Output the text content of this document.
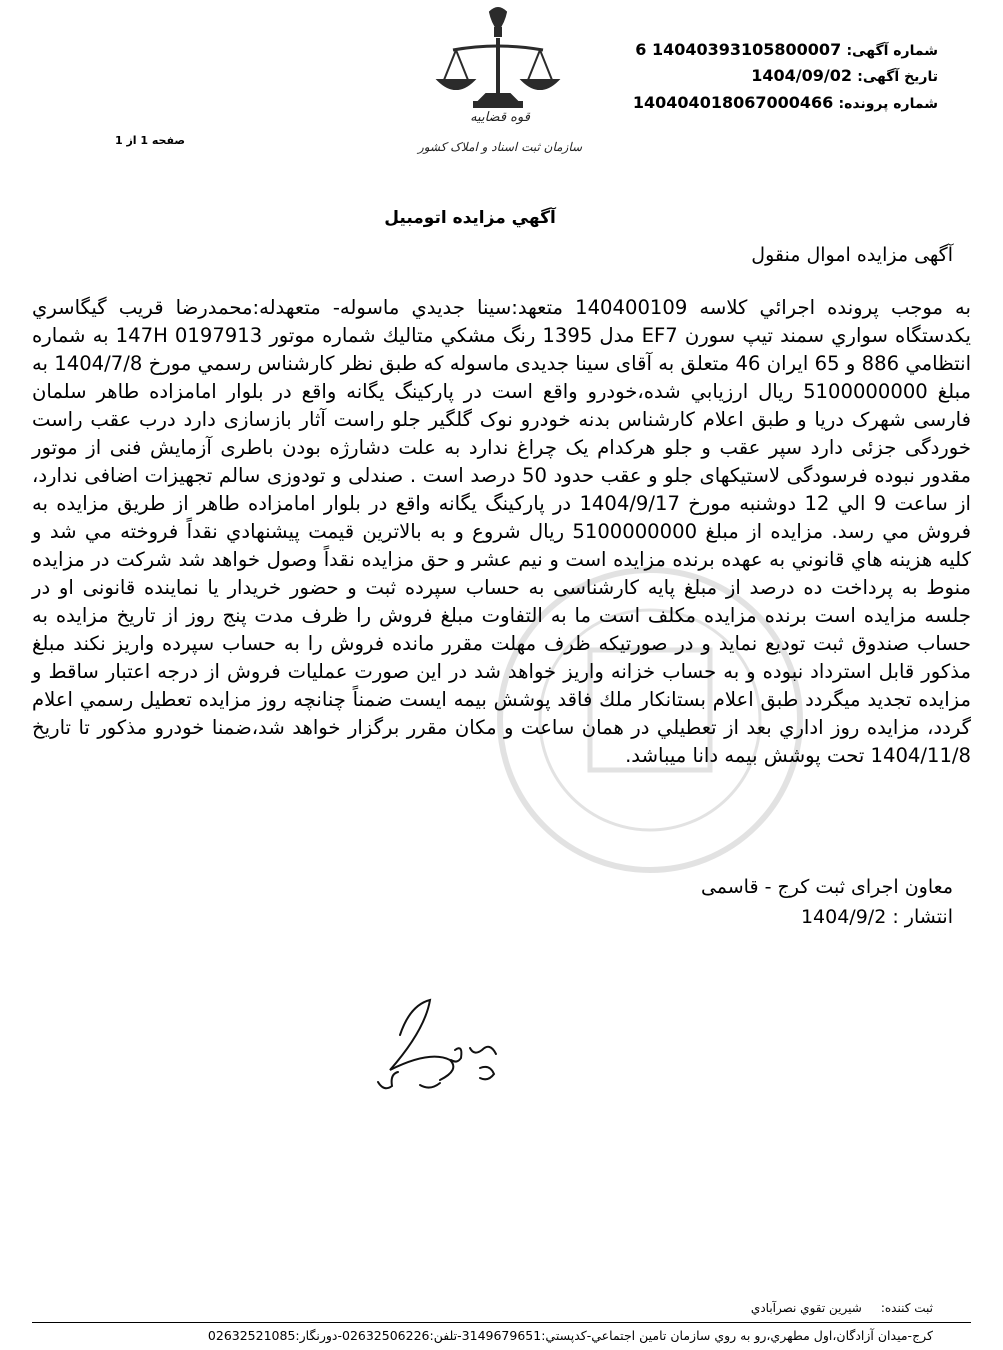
قوه قضاییه
سازمان ثبت اسناد و املاک کشور
شماره آگهی: 14040393105800007 6
تاریخ آگهی: 1404/09/02
شماره پرونده: 140404018067000466
صفحه 1 از 1
آگهي مزايده اتومبيل
آگهی مزایده اموال منقول
به موجب پرونده اجرائي كلاسه 140400109 متعهد:سينا جديدي ماسوله- متعهدله:محمدرضا قريب گيگاسري يكدستگاه سواري سمند تيپ سورن EF7 مدل 1395 رنگ مشكي متاليك شماره موتور 147H 0197913 به شماره انتظامي 886 و 65 ایران 46 متعلق به آقای سینا جدیدی ماسوله که طبق نظر کارشناس رسمي مورخ 1404/7/8 به مبلغ 5100000000 ريال ارزيابي شده،خودرو واقع است در پارکینگ یگانه واقع در بلوار امامزاده طاهر سلمان فارسی شهرک دریا و طبق اعلام کارشناس بدنه خودرو نوک گلگیر جلو راست آثار بازسازی دارد درب عقب راست خوردگی جزئی دارد سپر عقب و جلو هرکدام یک چراغ ندارد به علت دشارژه بودن باطری آزمایش فنی از موتور مقدور نبوده فرسودگی لاستیکهای جلو و عقب حدود 50 درصد است . صندلی و تودوزی سالم تجهیزات اضافی ندارد، از ساعت 9 الي 12 دوشنبه مورخ 1404/9/17 در پارکینگ یگانه واقع در بلوار امامزاده طاهر از طريق مزايده به فروش مي رسد. مزايده از مبلغ 5100000000 ريال شروع و به بالاترين قيمت پيشنهادي نقداً فروخته مي شد و كليه هزينه هاي قانوني به عهده برنده مزايده است و نيم عشر و حق مزايده نقداً وصول خواهد شد شركت در مزايده منوط به پرداخت ده درصد از مبلغ پایه کارشناسی به حساب سپرده ثبت و حضور خريدار يا نماينده قانونی او در جلسه مزايده است برنده مزايده مكلف است ما به التفاوت مبلغ فروش را ظرف مدت پنج روز از تاريخ مزايده به حساب صندوق ثبت توديع نمايد و در صورتيكه ظرف مهلت مقرر مانده فروش را به حساب سپرده واريز نكند مبلغ مذكور قابل استرداد نبوده و به حساب خزانه واريز خواهد شد در اين صورت عمليات فروش از درجه اعتبار ساقط و مزايده تجديد ميگردد طبق اعلام بستانكار ملك فاقد پوشش بيمه ايست ضمناً چنانچه روز مزايده تعطيل رسمي اعلام گردد، مزايده روز اداري بعد از تعطيلي در همان ساعت و مكان مقرر برگزار خواهد شد،ضمنا خودرو مذكور تا تاريخ 1404/11/8 تحت پوشش بیمه دانا میباشد.
معاون اجرای ثبت کرج - قاسمی
انتشار : 1404/9/2
ثبت كننده:     شيرين تقوي نصرآبادي
كرج-ميدان آزادگان،اول مطهري،رو به روي سازمان تامين اجتماعي-كدپستي:3149679651-تلفن:02632506226-دورنگار:02632521085
